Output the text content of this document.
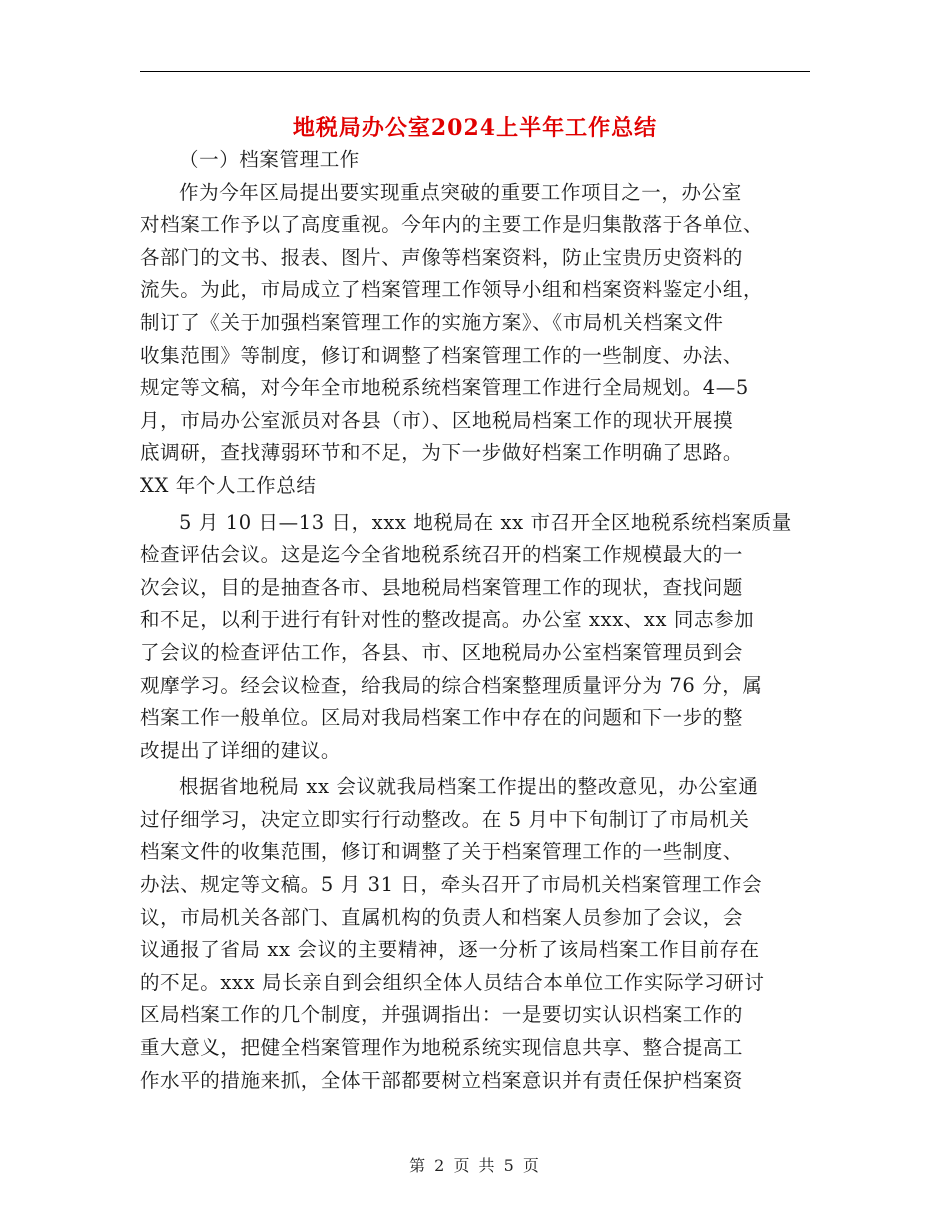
地税局办公室2024上半年工作总结

（一）档案管理工作

作为今年区局提出要实现重点突破的重要工作项目之一，办公室

对档案工作予以了高度重视。今年内的主要工作是归集散落于各单位、

各部门的文书、报表、图片、声像等档案资料，防止宝贵历史资料的

流失。为此，市局成立了档案管理工作领导小组和档案资料鉴定小组，

制订了《关于加强档案管理工作的实施方案》、《市局机关档案文件

收集范围》等制度，修订和调整了档案管理工作的一些制度、办法、

规定等文稿，对今年全市地税系统档案管理工作进行全局规划。4—5

月，市局办公室派员对各县（市）、区地税局档案工作的现状开展摸

底调研，查找薄弱环节和不足，为下一步做好档案工作明确了思路。

XX 年个人工作总结

5 月 10 日—13 日，xxx 地税局在 xx 市召开全区地税系统档案质量

检查评估会议。这是迄今全省地税系统召开的档案工作规模最大的一

次会议，目的是抽查各市、县地税局档案管理工作的现状，查找问题

和不足，以利于进行有针对性的整改提高。办公室 xxx、xx 同志参加

了会议的检查评估工作，各县、市、区地税局办公室档案管理员到会

观摩学习。经会议检查，给我局的综合档案整理质量评分为 76 分，属

档案工作一般单位。区局对我局档案工作中存在的问题和下一步的整

改提出了详细的建议。

根据省地税局 xx 会议就我局档案工作提出的整改意见，办公室通

过仔细学习，决定立即实行行动整改。在 5 月中下旬制订了市局机关

档案文件的收集范围，修订和调整了关于档案管理工作的一些制度、

办法、规定等文稿。5 月 31 日，牵头召开了市局机关档案管理工作会

议，市局机关各部门、直属机构的负责人和档案人员参加了会议，会

议通报了省局 xx 会议的主要精神，逐一分析了该局档案工作目前存在

的不足。xxx 局长亲自到会组织全体人员结合本单位工作实际学习研讨

区局档案工作的几个制度，并强调指出：一是要切实认识档案工作的

重大意义，把健全档案管理作为地税系统实现信息共享、整合提高工

作水平的措施来抓，全体干部都要树立档案意识并有责任保护档案资

第 2 页 共 5 页
